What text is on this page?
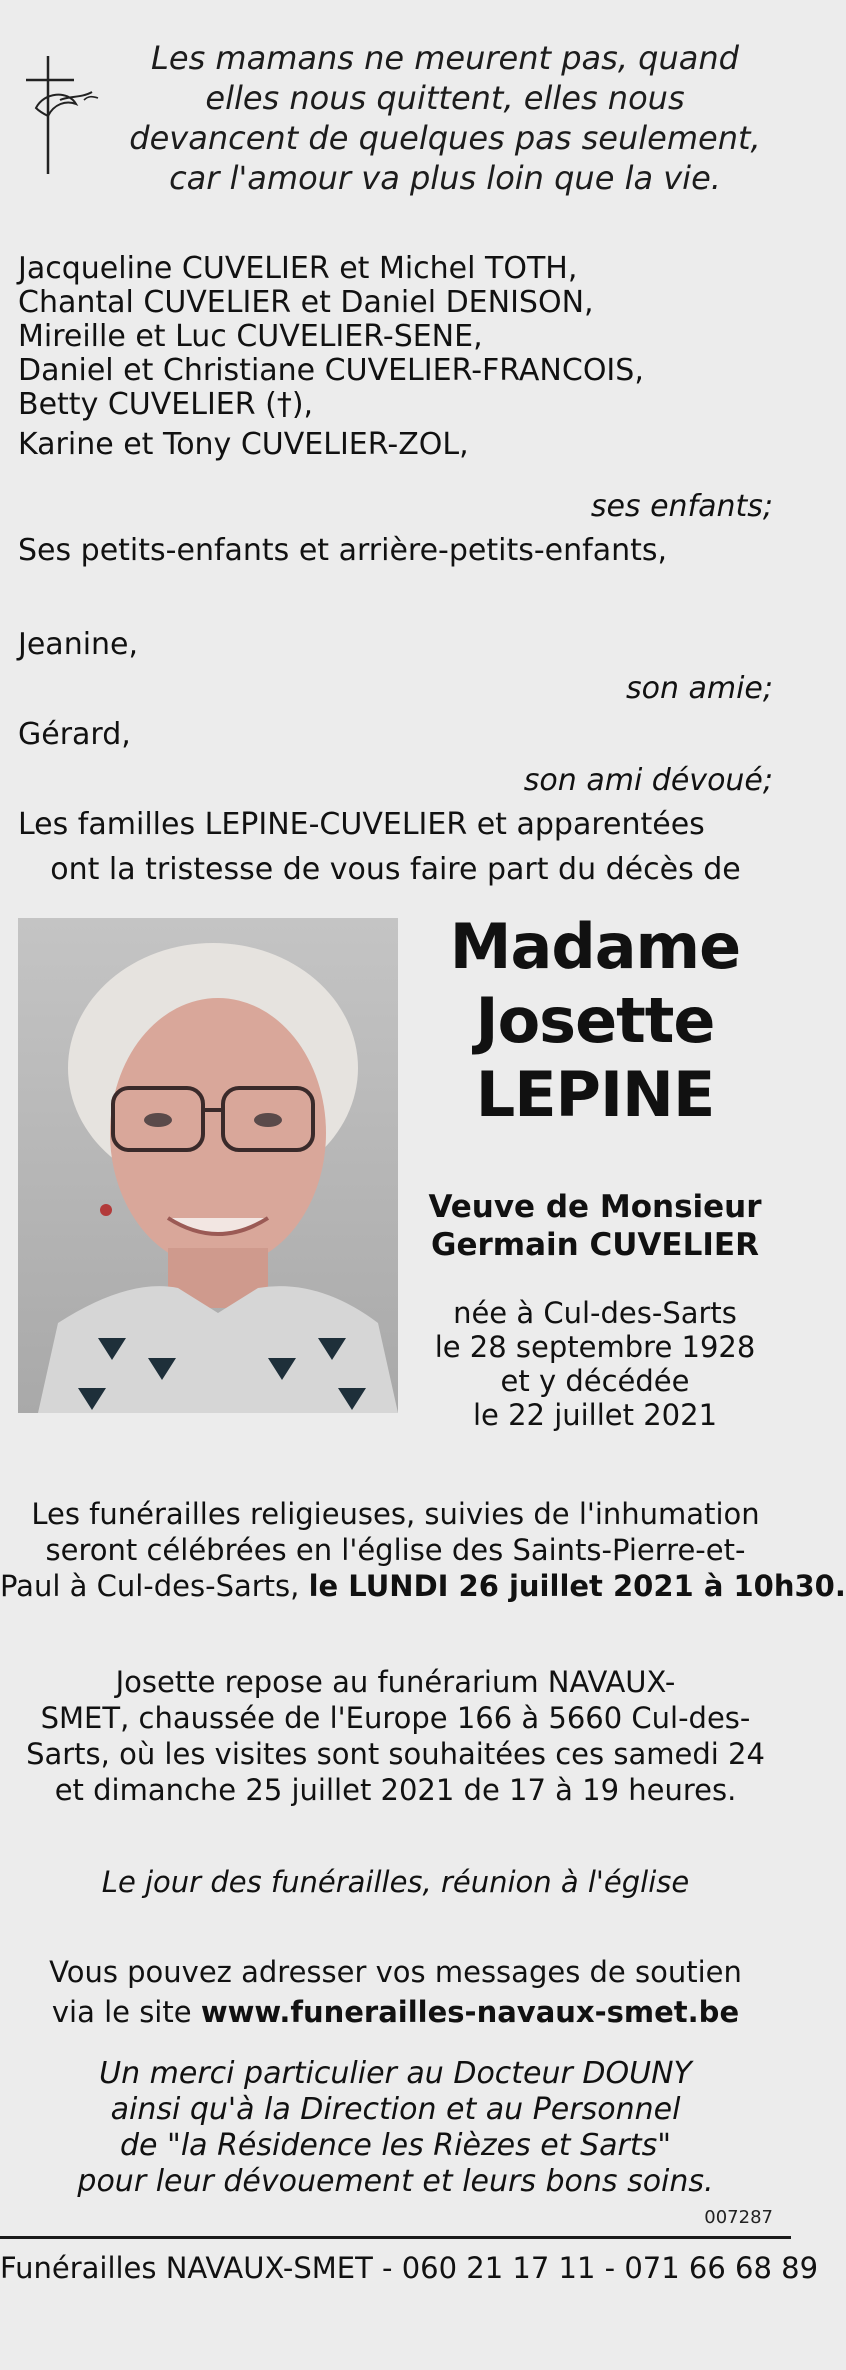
Les mamans ne meurent pas, quand
elles nous quittent, elles nous
devancent de quelques pas seulement,
car l'amour va plus loin que la vie.
Jacqueline CUVELIER et Michel TOTH,
Chantal CUVELIER et Daniel DENISON,
Mireille et Luc CUVELIER-SENE,
Daniel et Christiane CUVELIER-FRANCOIS,
Betty CUVELIER (†),
Karine et Tony CUVELIER-ZOL,
ses enfants;
Ses petits-enfants et arrière-petits-enfants,
Jeanine,
son amie;
Gérard,
son ami dévoué;
Les familles LEPINE-CUVELIER et apparentées
ont la tristesse de vous faire part du décès de
Madame
Josette
LEPINE
Veuve de Monsieur
Germain CUVELIER
née à Cul-des-Sarts
le 28 septembre 1928
et y décédée
le 22 juillet 2021
Les funérailles religieuses, suivies de l'inhumation
seront célébrées en l'église des Saints-Pierre-et-
Paul à Cul-des-Sarts, le LUNDI 26 juillet 2021 à 10h30.
Josette repose au funérarium NAVAUX-
SMET, chaussée de l'Europe 166 à 5660 Cul-des-
Sarts, où les visites sont souhaitées ces samedi 24
et dimanche 25 juillet 2021 de 17 à 19 heures.
Le jour des funérailles, réunion à l'église
Vous pouvez adresser vos messages de soutien
via le site www.funerailles-navaux-smet.be
Un merci particulier au Docteur DOUNY
ainsi qu'à la Direction et au Personnel
de "la Résidence les Rièzes et Sarts"
pour leur dévouement et leurs bons soins.
007287
Funérailles NAVAUX-SMET - 060 21 17 11 - 071 66 68 89
